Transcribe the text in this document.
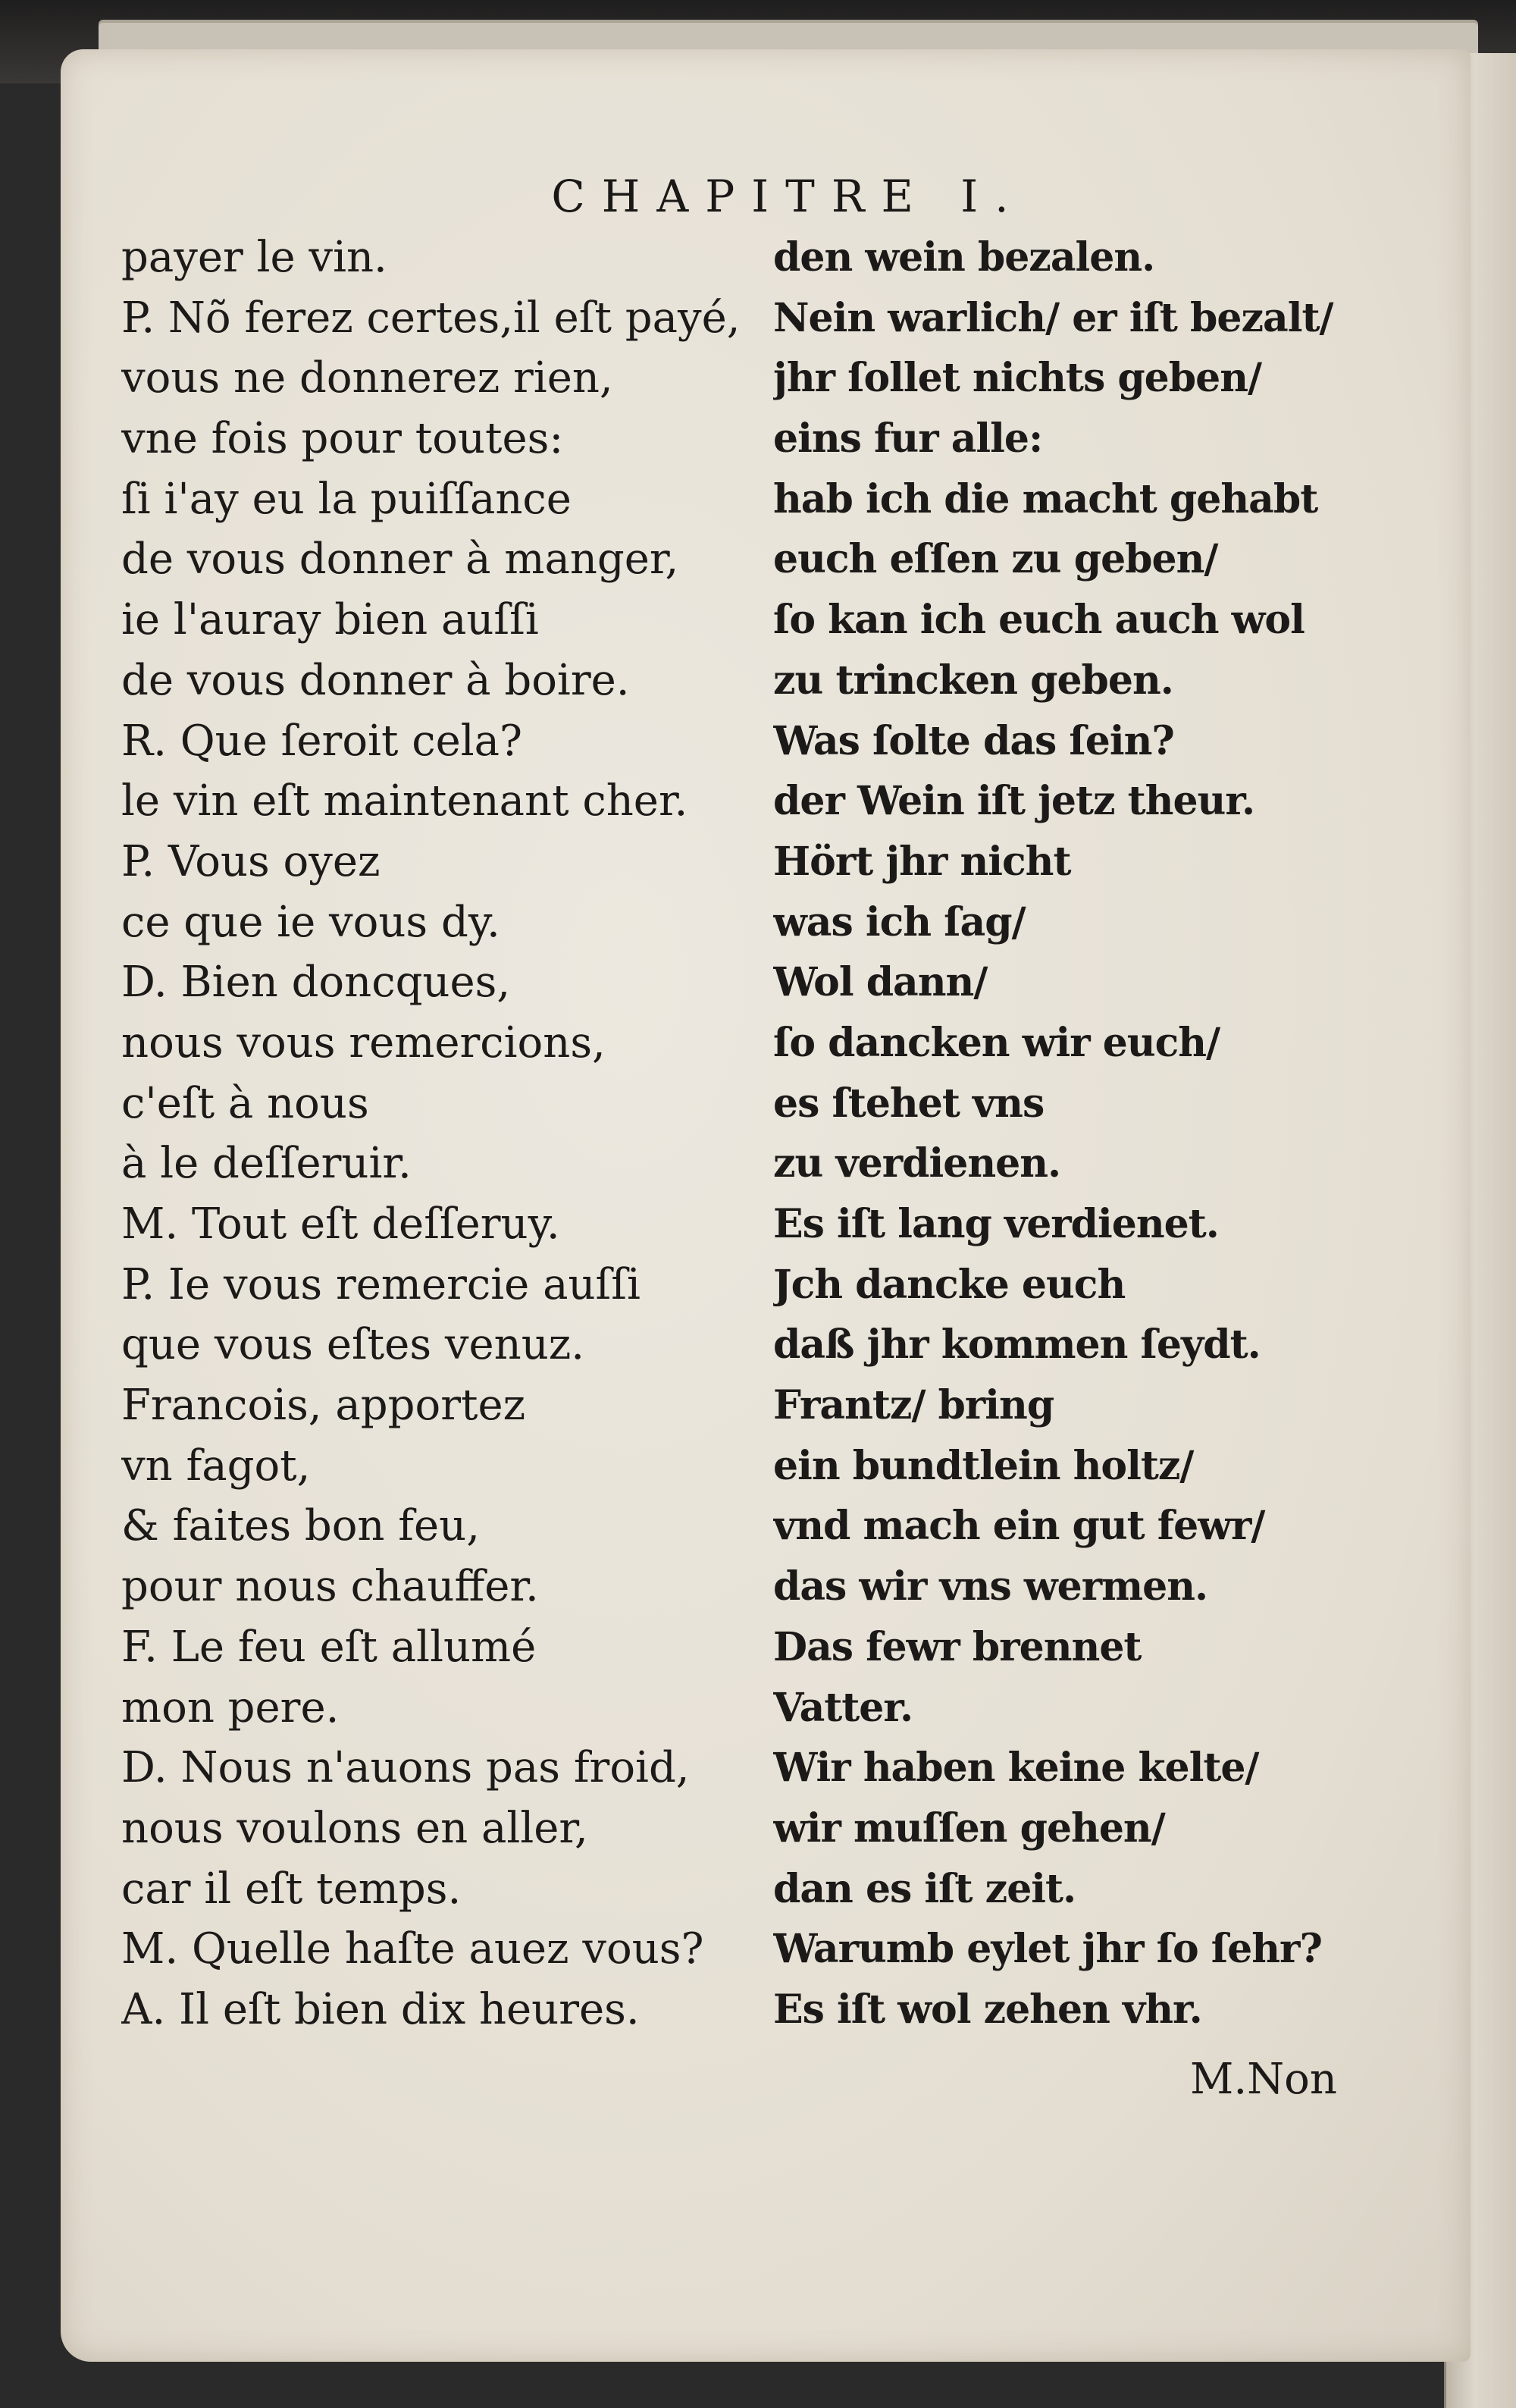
CHAPITRE I.
payer le vin.
P. Nõ ferez certes,il eſt payé,
vous ne donnerez rien,
vne fois pour toutes:
ſi i'ay eu la puiſſance
de vous donner à manger,
ie l'auray bien auſſi
de vous donner à boire.
R. Que ſeroit cela?
le vin eſt maintenant cher.
P. Vous oyez
ce que ie vous dy.
D. Bien doncques,
nous vous remercions,
c'eſt à nous
à le deſſeruir.
M. Tout eſt deſſeruy.
P. Ie vous remercie auſſi
que vous eſtes venuz.
Francois, apportez
vn fagot,
& faites bon feu,
pour nous chauffer.
F. Le feu eſt allumé
mon pere.
D. Nous n'auons pas froid,
nous voulons en aller,
car il eſt temps.
M. Quelle haſte auez vous?
A. Il eſt bien dix heures.
den wein bezalen.
Nein warlich/ er iſt bezalt/
jhr ſollet nichts geben/
eins fur alle:
hab ich die macht gehabt
euch eſſen zu geben/
ſo kan ich euch auch wol
zu trincken geben.
Was ſolte das ſein?
der Wein iſt jetz theur.
Hört jhr nicht
was ich ſag/
Wol dann/
ſo dancken wir euch/
es ſtehet vns
zu verdienen.
Es iſt lang verdienet.
Jch dancke euch
daß jhr kommen ſeydt.
Frantz/ bring
ein bundtlein holtz/
vnd mach ein gut fewr/
das wir vns wermen.
Das fewr brennet
Vatter.
Wir haben keine kelte/
wir muſſen gehen/
dan es iſt zeit.
Warumb eylet jhr ſo ſehr?
Es iſt wol zehen vhr.
M.Non
